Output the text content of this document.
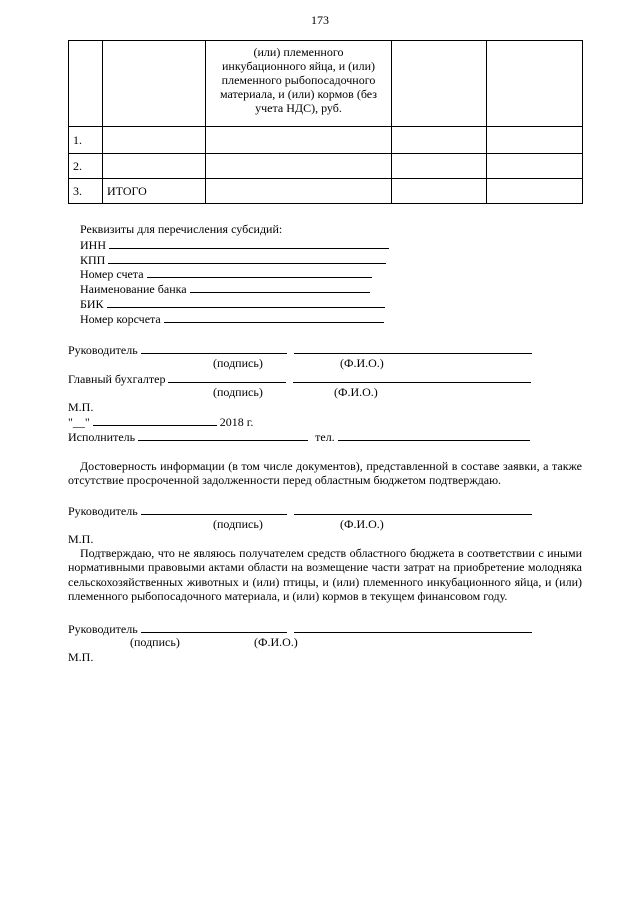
173
		(или) племенного инкубационного яйца, и (или) племенного рыбопосадочного материала, и (или) кормов (без учета НДС), руб.		
1.				
2.				
3.	ИТОГО			
Реквизиты для перечисления субсидий:
ИНН
КПП
Номер счета
Наименование банка
БИК
Номер корсчета
Руководитель
(подпись)	(Ф.И.О.)
Главный бухгалтер
(подпись)	(Ф.И.О.)
М.П.
"__"	2018 г.
Исполнитель	тел.

Достоверность информации (в том числе документов), представленной в составе заявки, а также отсутствие просроченной задолженности перед областным бюджетом подтверждаю.

Руководитель
(подпись)	(Ф.И.О.)
М.П.

Подтверждаю, что не являюсь получателем средств областного бюджета в соответствии с иными нормативными правовыми актами области на возмещение части затрат на приобретение молодняка сельскохозяйственных животных и (или) птицы, и (или) племенного инкубационного яйца, и (или) племенного рыбопосадочного материала, и (или) кормов в текущем финансовом году.

Руководитель
(подпись)	(Ф.И.О.)
М.П.
